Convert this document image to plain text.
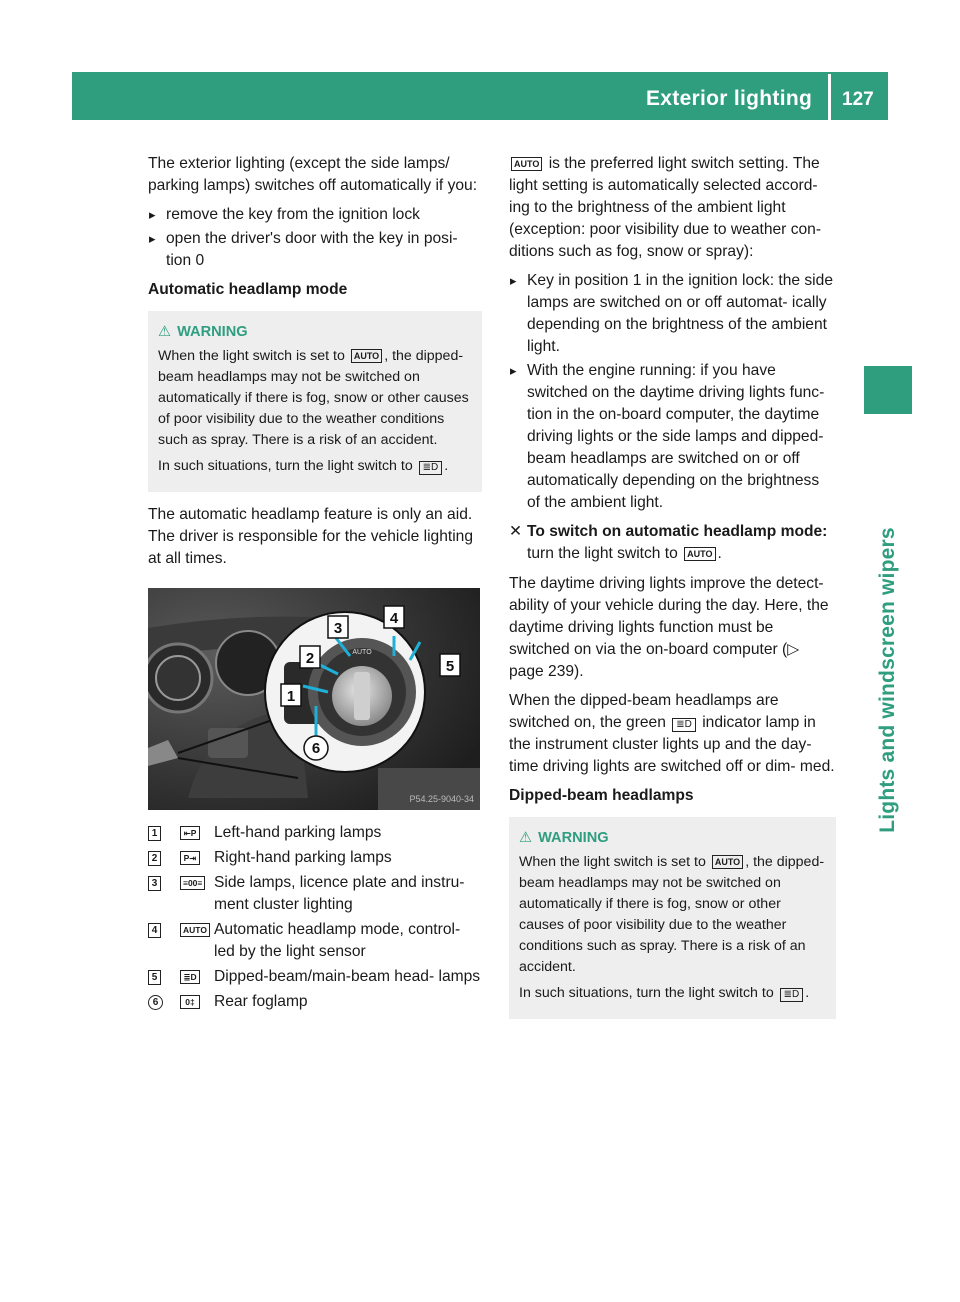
Exterior lighting 127
Lights and windscreen wipers

The exterior lighting (except the side lamps/ parking lamps) switches off automatically if you:

▸ remove the key from the ignition lock
▸ open the driver's door with the key in posi- tion 0
Automatic headlamp mode
⚠ WARNING

When the light switch is set to AUTO , the dipped-beam headlamps may not be switched on automatically if there is fog, snow or other causes of poor visibility due to the weather conditions such as spray. There is a risk of an accident.

In such situations, turn the light switch to ≣D .

The automatic headlamp feature is only an aid. The driver is responsible for the vehicle lighting at all times.

AUTO
1
2
3
4
5
6
P54.25-9040-34
1	⇤P Left-hand parking lamps
2	P⇥ Right-hand parking lamps
3	≡00≡ Side lamps, licence plate and instru- ment cluster lighting
4	AUTO Automatic headlamp mode, control- led by the light sensor
5	≣D Dipped-beam/main-beam head- lamps
6	0‡	Rear foglamp

AUTO is the preferred light switch setting. The light setting is automatically selected accord- ing to the brightness of the ambient light (exception: poor visibility due to weather con- ditions such as fog, snow or spray):

▸ Key in position 1 in the ignition lock: the side lamps are switched on or off automat- ically depending on the brightness of the ambient light.
▸ With the engine running: if you have switched on the daytime driving lights func- tion in the on-board computer, the daytime driving lights or the side lamps and dipped- beam headlamps are switched on or off automatically depending on the brightness of the ambient light.
✕ To switch on automatic headlamp mode: turn the light switch to AUTO .

The daytime driving lights improve the detect- ability of your vehicle during the day. Here, the daytime driving lights function must be switched on via the on-board computer (▷ page 239).

When the dipped-beam headlamps are switched on, the green ≣D indicator lamp in the instrument cluster lights up and the day- time driving lights are switched off or dim- med.

Dipped-beam headlamps
⚠ WARNING

When the light switch is set to AUTO , the dipped-beam headlamps may not be switched on automatically if there is fog, snow or other causes of poor visibility due to the weather conditions such as spray. There is a risk of an accident.

In such situations, turn the light switch to ≣D .
